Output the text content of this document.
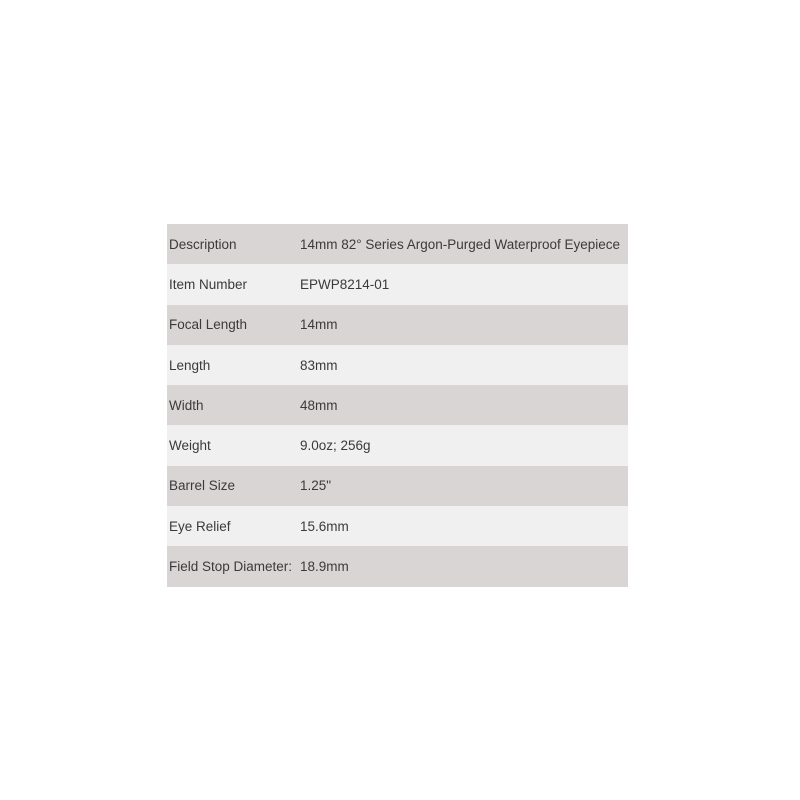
Description	14mm 82° Series Argon-Purged Waterproof Eyepiece
Item Number	EPWP8214-01
Focal Length	14mm
Length	83mm
Width	48mm
Weight	9.0oz; 256g
Barrel Size	1.25"
Eye Relief	15.6mm
Field Stop Diameter:	18.9mm
